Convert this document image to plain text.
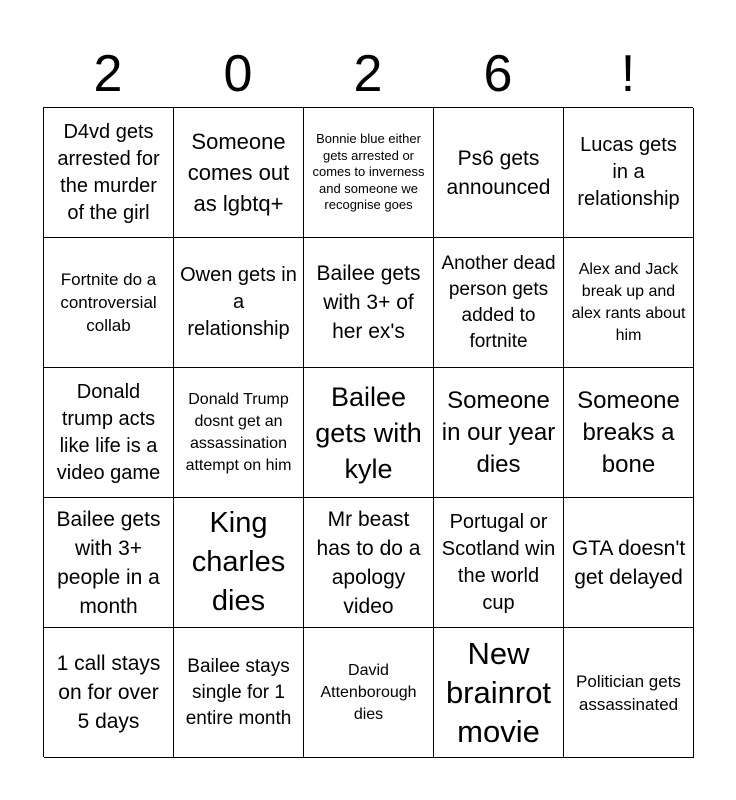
2	0	2	6	!
D4vd gets arrested for the murder of the girl
Someone comes out as lgbtq+
Bonnie blue either gets arrested or comes to inverness and someone we recognise goes
Ps6 gets announced
Lucas gets in a relationship
Fortnite do a controversial collab
Owen gets in a relationship
Bailee gets with 3+ of her ex's
Another dead person gets added to fortnite
Alex and Jack break up and alex rants about him
Donald trump acts like life is a video game
Donald Trump dosnt get an assassination attempt on him
Bailee gets with kyle
Someone in our year dies
Someone breaks a bone
Bailee gets with 3+ people in a month
King charles dies
Mr beast has to do a apology video
Portugal or Scotland win the world cup
GTA doesn't get delayed
1 call stays on for over 5 days
Bailee stays single for 1 entire month
David Attenborough dies
New brainrot movie
Politician gets assassinated
